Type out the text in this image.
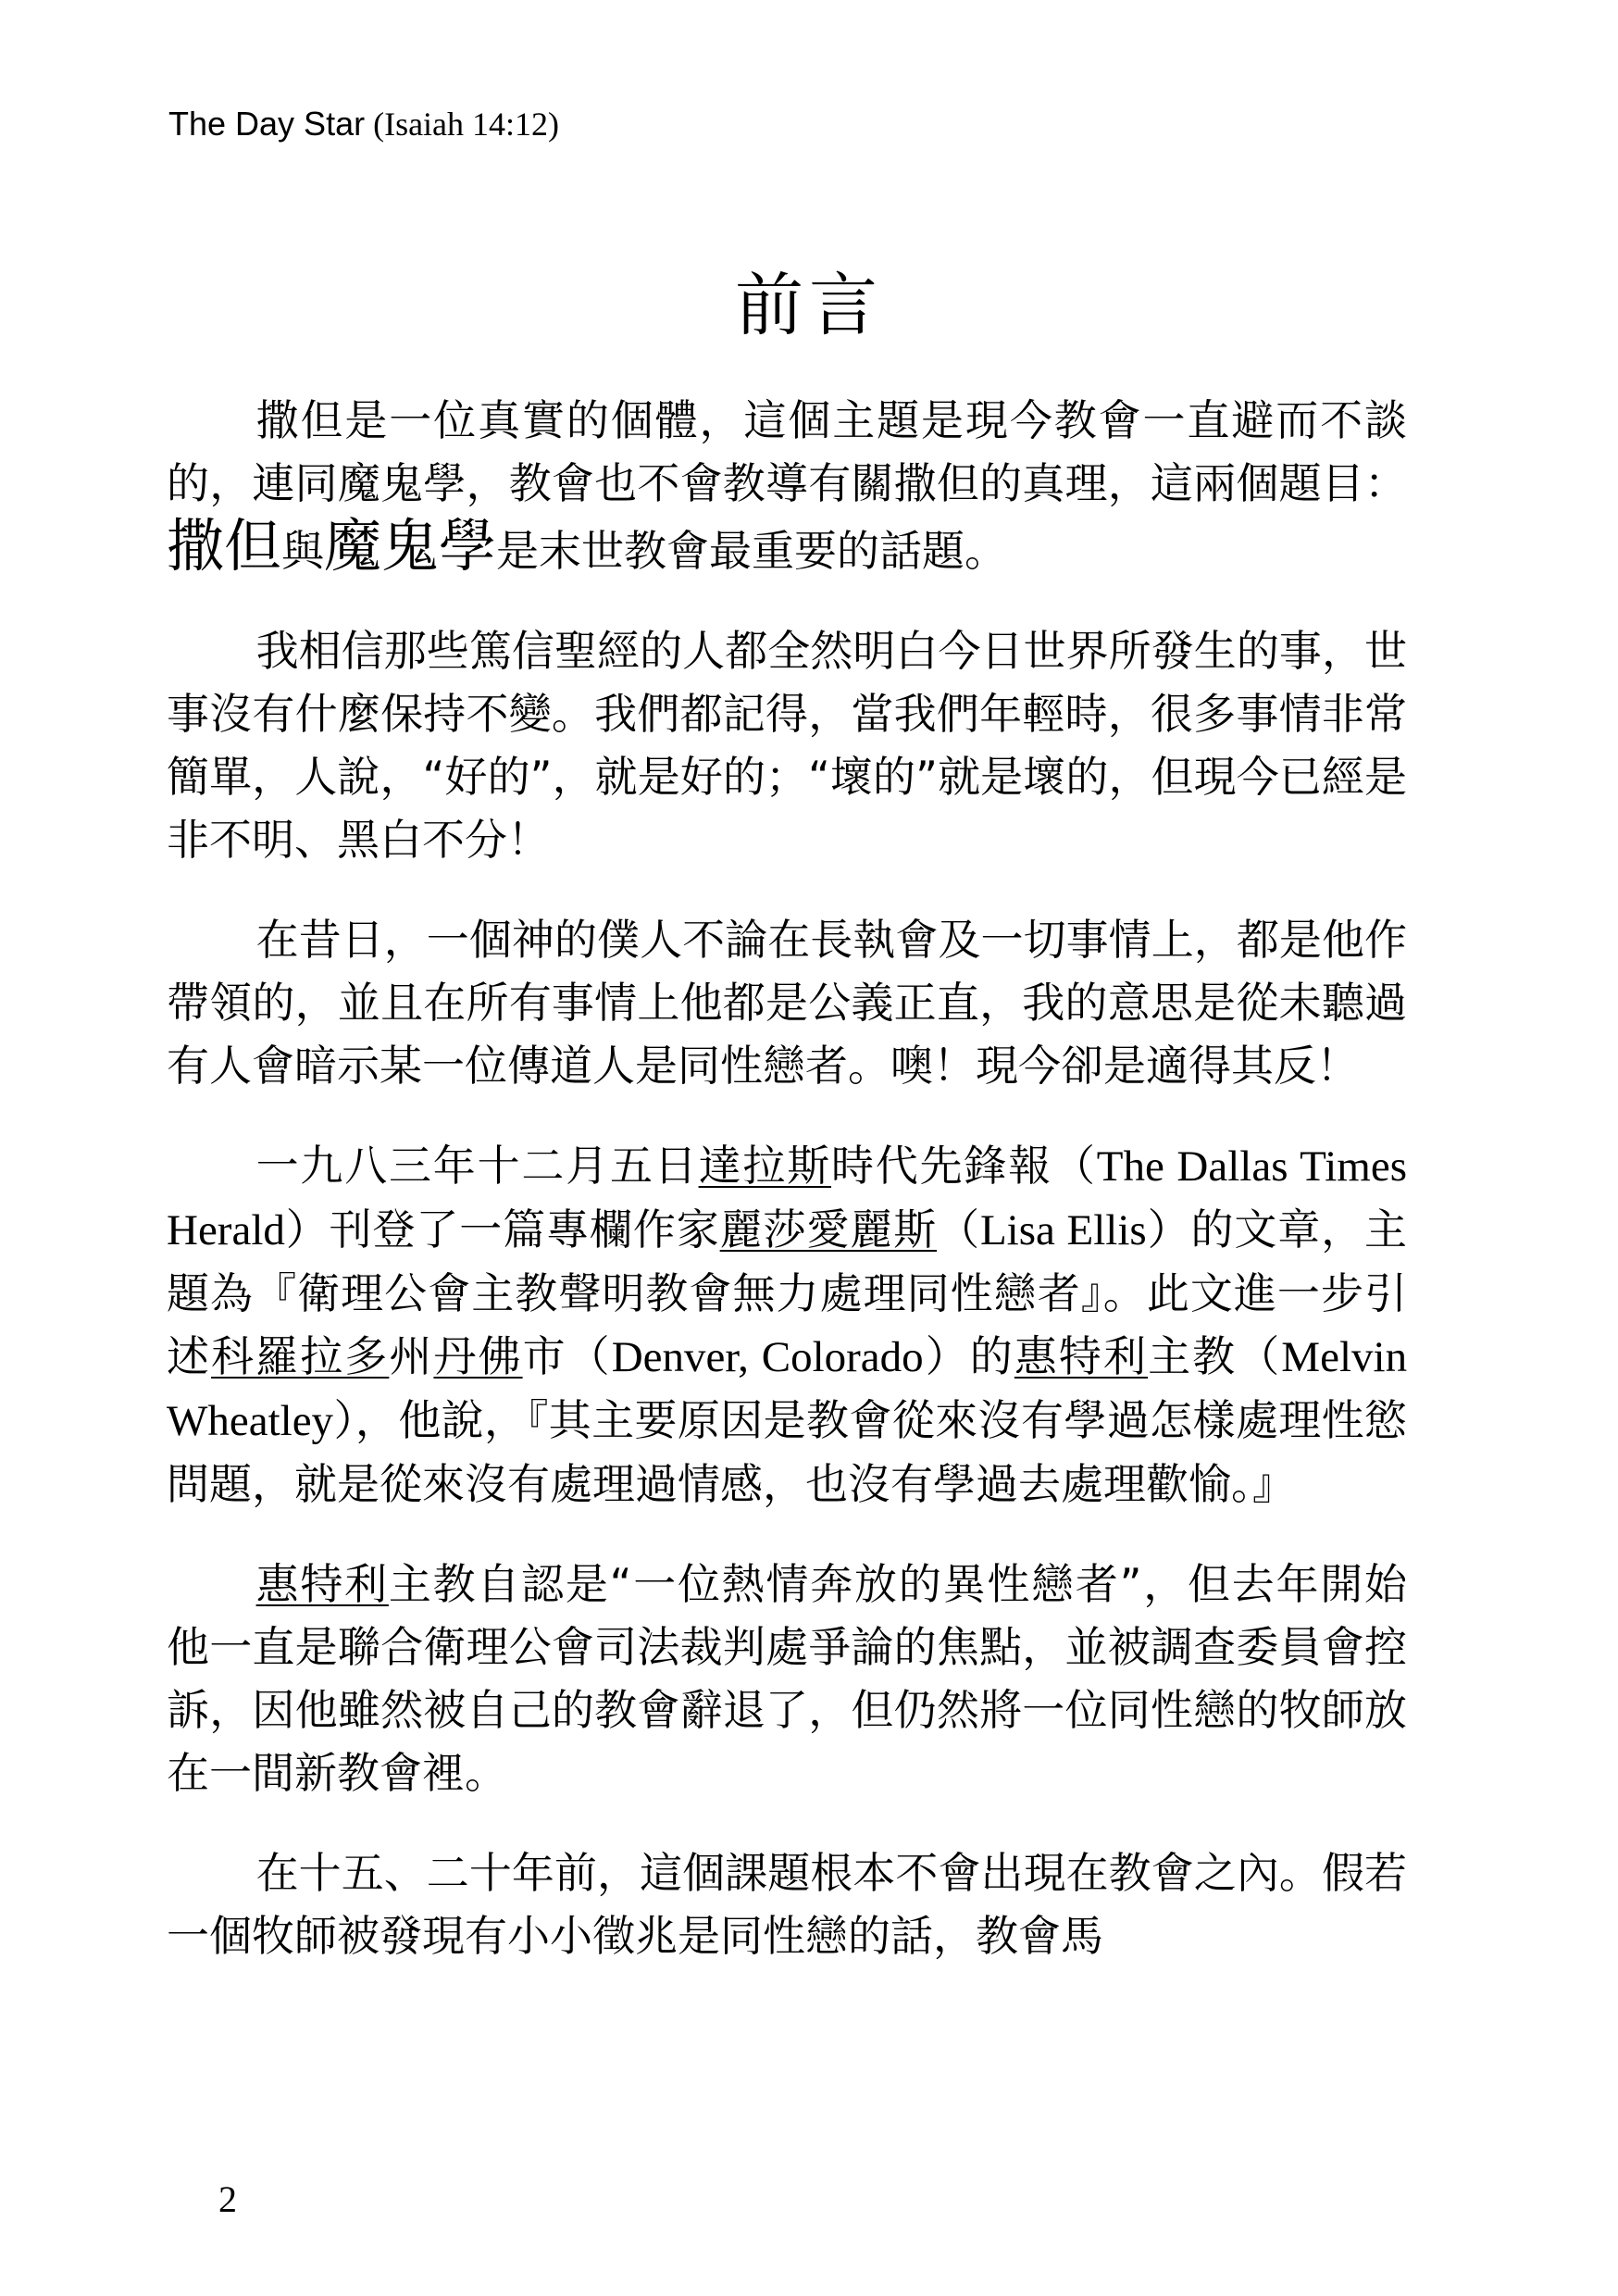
The Day Star (Isaiah 14:12)
前言

撒但是一位真實的個體，這個主題是現今教會一直避而不談的，連同魔鬼學，教會也不會教導有關撒但的真理，這兩個題目：撒但與魔鬼學是末世教會最重要的話題。

我相信那些篤信聖經的人都全然明白今日世界所發生的事，世事沒有什麼保持不變。我們都記得，當我們年輕時，很多事情非常簡單，人說，“好的”，就是好的；“壞的”就是壞的，但現今已經是非不明、黑白不分！

在昔日，一個神的僕人不論在長執會及一切事情上，都是他作帶領的，並且在所有事情上他都是公義正直，我的意思是從未聽過有人會暗示某一位傳道人是同性戀者。噢！現今卻是適得其反！

一九八三年十二月五日達拉斯時代先鋒報（The Dallas Times Herald）刊登了一篇專欄作家麗莎愛麗斯（Lisa Ellis）的文章，主題為『衛理公會主教聲明教會無力處理同性戀者』。此文進一步引述科羅拉多州丹佛市（Denver, Colorado）的惠特利主教（Melvin Wheatley），他說，『其主要原因是教會從來沒有學過怎樣處理性慾問題，就是從來沒有處理過情感，也沒有學過去處理歡愉。』

惠特利主教自認是“一位熱情奔放的異性戀者”，但去年開始他一直是聯合衛理公會司法裁判處爭論的焦點，並被調查委員會控訴，因他雖然被自己的教會辭退了，但仍然將一位同性戀的牧師放在一間新教會裡。

在十五、二十年前，這個課題根本不會出現在教會之內。假若一個牧師被發現有小小徵兆是同性戀的話，教會馬

2
